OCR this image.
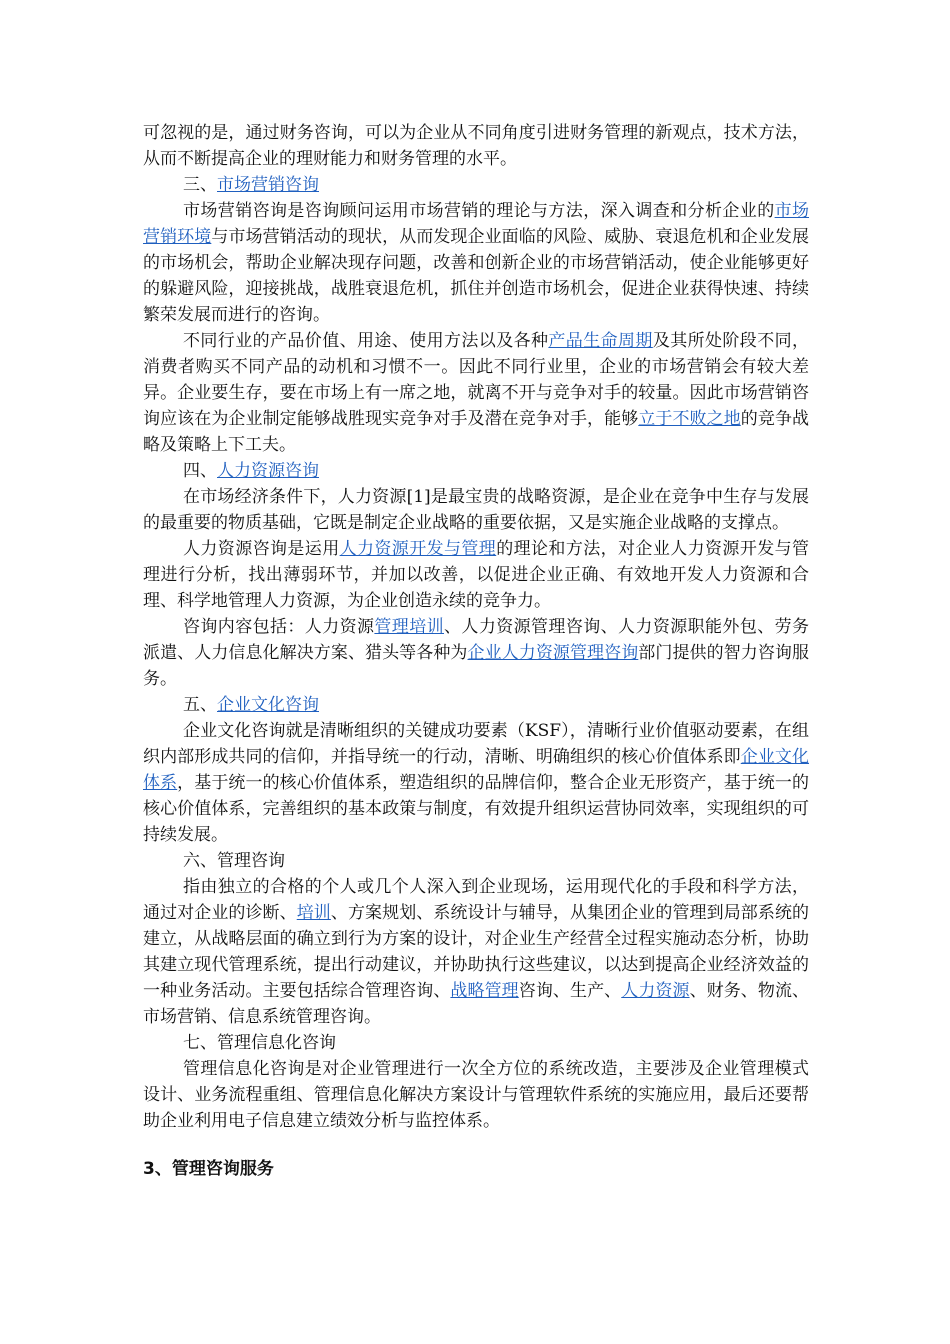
可忽视的是，通过财务咨询，可以为企业从不同角度引进财务管理的新观点，技术方法，从而不断提高企业的理财能力和财务管理的水平。

三、市场营销咨询

市场营销咨询是咨询顾问运用市场营销的理论与方法，深入调查和分析企业的市场营销环境与市场营销活动的现状，从而发现企业面临的风险、威胁、衰退危机和企业发展的市场机会，帮助企业解决现存问题，改善和创新企业的市场营销活动，使企业能够更好的躲避风险，迎接挑战，战胜衰退危机，抓住并创造市场机会，促进企业获得快速、持续繁荣发展而进行的咨询。

不同行业的产品价值、用途、使用方法以及各种产品生命周期及其所处阶段不同，消费者购买不同产品的动机和习惯不一。因此不同行业里，企业的市场营销会有较大差异。企业要生存，要在市场上有一席之地，就离不开与竞争对手的较量。因此市场营销咨询应该在为企业制定能够战胜现实竞争对手及潜在竞争对手，能够立于不败之地的竞争战略及策略上下工夫。

四、人力资源咨询

在市场经济条件下，人力资源[1]是最宝贵的战略资源，是企业在竞争中生存与发展的最重要的物质基础，它既是制定企业战略的重要依据，又是实施企业战略的支撑点。

人力资源咨询是运用人力资源开发与管理的理论和方法，对企业人力资源开发与管理进行分析，找出薄弱环节，并加以改善，以促进企业正确、有效地开发人力资源和合理、科学地管理人力资源，为企业创造永续的竞争力。

咨询内容包括：人力资源管理培训、人力资源管理咨询、人力资源职能外包、劳务派遣、人力信息化解决方案、猎头等各种为企业人力资源管理咨询部门提供的智力咨询服务。

五、企业文化咨询

企业文化咨询就是清晰组织的关键成功要素（KSF），清晰行业价值驱动要素，在组织内部形成共同的信仰，并指导统一的行动，清晰、明确组织的核心价值体系即企业文化体系，基于统一的核心价值体系，塑造组织的品牌信仰，整合企业无形资产，基于统一的核心价值体系，完善组织的基本政策与制度，有效提升组织运营协同效率，实现组织的可持续发展。

六、管理咨询

指由独立的合格的个人或几个人深入到企业现场，运用现代化的手段和科学方法，通过对企业的诊断、培训、方案规划、系统设计与辅导，从集团企业的管理到局部系统的建立，从战略层面的确立到行为方案的设计，对企业生产经营全过程实施动态分析，协助其建立现代管理系统，提出行动建议，并协助执行这些建议，以达到提高企业经济效益的一种业务活动。主要包括综合管理咨询、战略管理咨询、生产、人力资源、财务、物流、市场营销、信息系统管理咨询。

七、管理信息化咨询

管理信息化咨询是对企业管理进行一次全方位的系统改造，主要涉及企业管理模式设计、业务流程重组、管理信息化解决方案设计与管理软件系统的实施应用，最后还要帮助企业利用电子信息建立绩效分析与监控体系。

3、管理咨询服务
